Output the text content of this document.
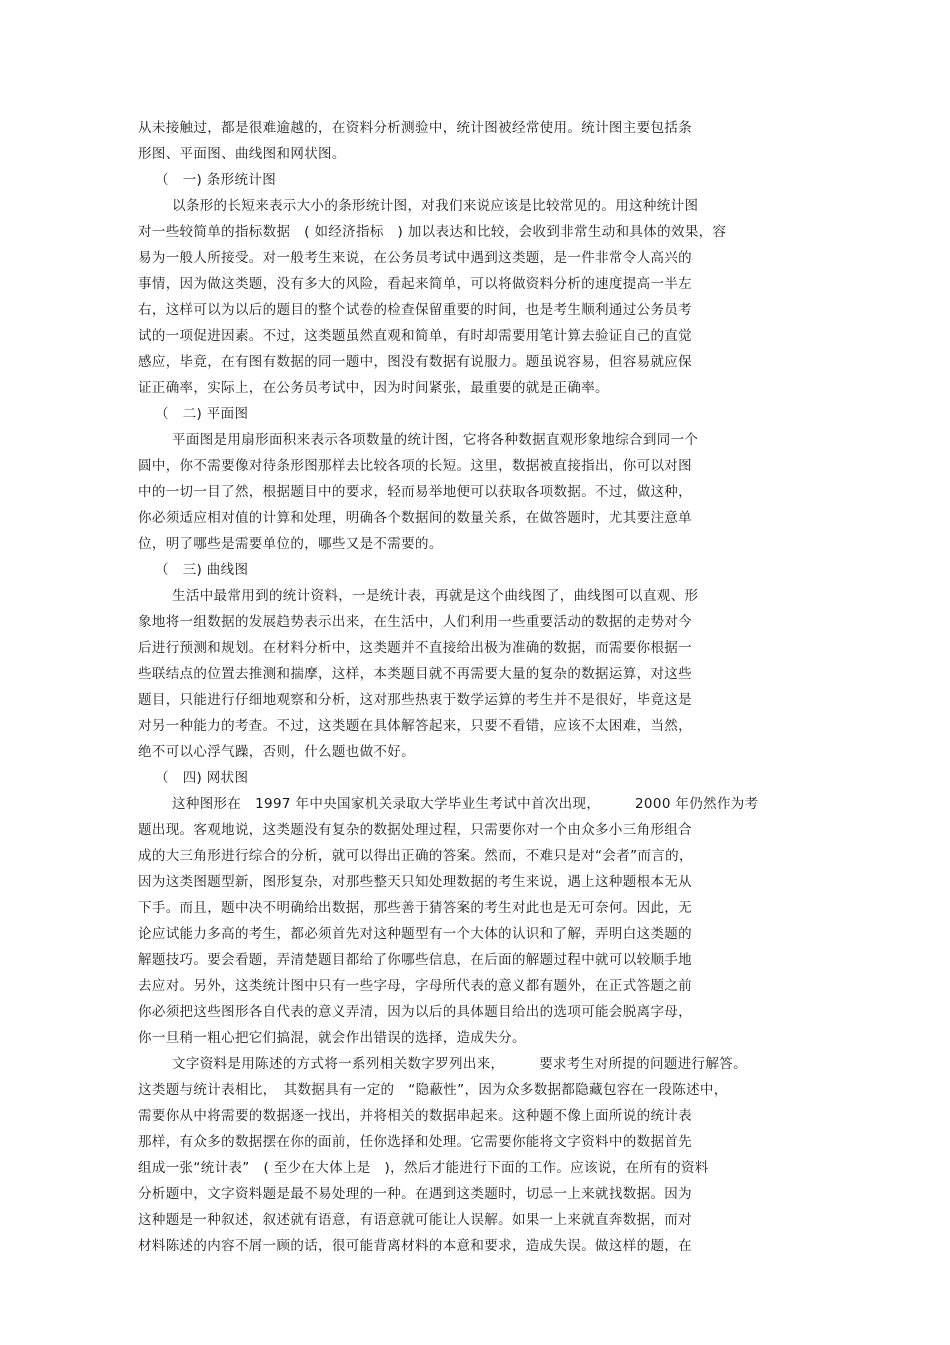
从未接触过，都是很难逾越的，在资料分析测验中，统计图被经常使用。统计图主要包括条
形图、平面图、曲线图和网状图。
（　一) 条形统计图
以条形的长短来表示大小的条形统计图，对我们来说应该是比较常见的。用这种统计图
对一些较简单的指标数据　( 如经济指标　) 加以表达和比较，会收到非常生动和具体的效果，容
易为一般人所接受。对一般考生来说，在公务员考试中遇到这类题，是一件非常令人高兴的
事情，因为做这类题，没有多大的风险，看起来简单，可以将做资料分析的速度提高一半左
右，这样可以为以后的题目的整个试卷的检查保留重要的时间，也是考生顺利通过公务员考
试的一项促进因素。不过，这类题虽然直观和简单，有时却需要用笔计算去验证自己的直觉
感应，毕竟，在有图有数据的同一题中，图没有数据有说服力。题虽说容易，但容易就应保
证正确率，实际上，在公务员考试中，因为时间紧张，最重要的就是正确率。
（　二) 平面图
平面图是用扇形面积来表示各项数量的统计图，它将各种数据直观形象地综合到同一个
圆中，你不需要像对待条形图那样去比较各项的长短。这里，数据被直接指出，你可以对图
中的一切一目了然，根据题目中的要求，轻而易举地便可以获取各项数据。不过，做这种，
你必须适应相对值的计算和处理，明确各个数据间的数量关系，在做答题时，尤其要注意单
位，明了哪些是需要单位的，哪些又是不需要的。
（　三) 曲线图
生活中最常用到的统计资料，一是统计表，再就是这个曲线图了，曲线图可以直观、形
象地将一组数据的发展趋势表示出来，在生活中，人们利用一些重要活动的数据的走势对今
后进行预测和规划。在材料分析中，这类题并不直接给出极为准确的数据，而需要你根据一
些联结点的位置去推测和揣摩，这样，本类题目就不再需要大量的复杂的数据运算，对这些
题目，只能进行仔细地观察和分析，这对那些热衷于数学运算的考生并不是很好，毕竟这是
对另一种能力的考查。不过，这类题在具体解答起来，只要不看错，应该不太困难，当然，
绝不可以心浮气躁，否则，什么题也做不好。
（　四) 网状图
这种图形在　1997 年中央国家机关录取大学毕业生考试中首次出现，　　　2000 年仍然作为考
题出现。客观地说，这类题没有复杂的数据处理过程，只需要你对一个由众多小三角形组合
成的大三角形进行综合的分析，就可以得出正确的答案。然而，不难只是对“会者”而言的，
因为这类图题型新，图形复杂，对那些整天只知处理数据的考生来说，遇上这种题根本无从
下手。而且，题中决不明确给出数据，那些善于猜答案的考生对此也是无可奈何。因此，无
论应试能力多高的考生，都必须首先对这种题型有一个大体的认识和了解，弄明白这类题的
解题技巧。要会看题，弄清楚题目都给了你哪些信息，在后面的解题过程中就可以较顺手地
去应对。另外，这类统计图中只有一些字母，字母所代表的意义都有题外，在正式答题之前
你必须把这些图形各自代表的意义弄清，因为以后的具体题目给出的选项可能会脱离字母，
你一旦稍一粗心把它们搞混，就会作出错误的选择，造成失分。
文字资料是用陈述的方式将一系列相关数字罗列出来，　　　要求考生对所提的问题进行解答。
这类题与统计表相比，　其数据具有一定的　“隐蔽性”，因为众多数据都隐藏包容在一段陈述中，
需要你从中将需要的数据逐一找出，并将相关的数据串起来。这种题不像上面所说的统计表
那样，有众多的数据摆在你的面前，任你选择和处理。它需要你能将文字资料中的数据首先
组成一张“统计表”　( 至少在大体上是　)，然后才能进行下面的工作。应该说，在所有的资料
分析题中，文字资料题是最不易处理的一种。在遇到这类题时，切忌一上来就找数据。因为
这种题是一种叙述，叙述就有语意，有语意就可能让人误解。如果一上来就直奔数据，而对
材料陈述的内容不屑一顾的话，很可能背离材料的本意和要求，造成失误。做这样的题，在
